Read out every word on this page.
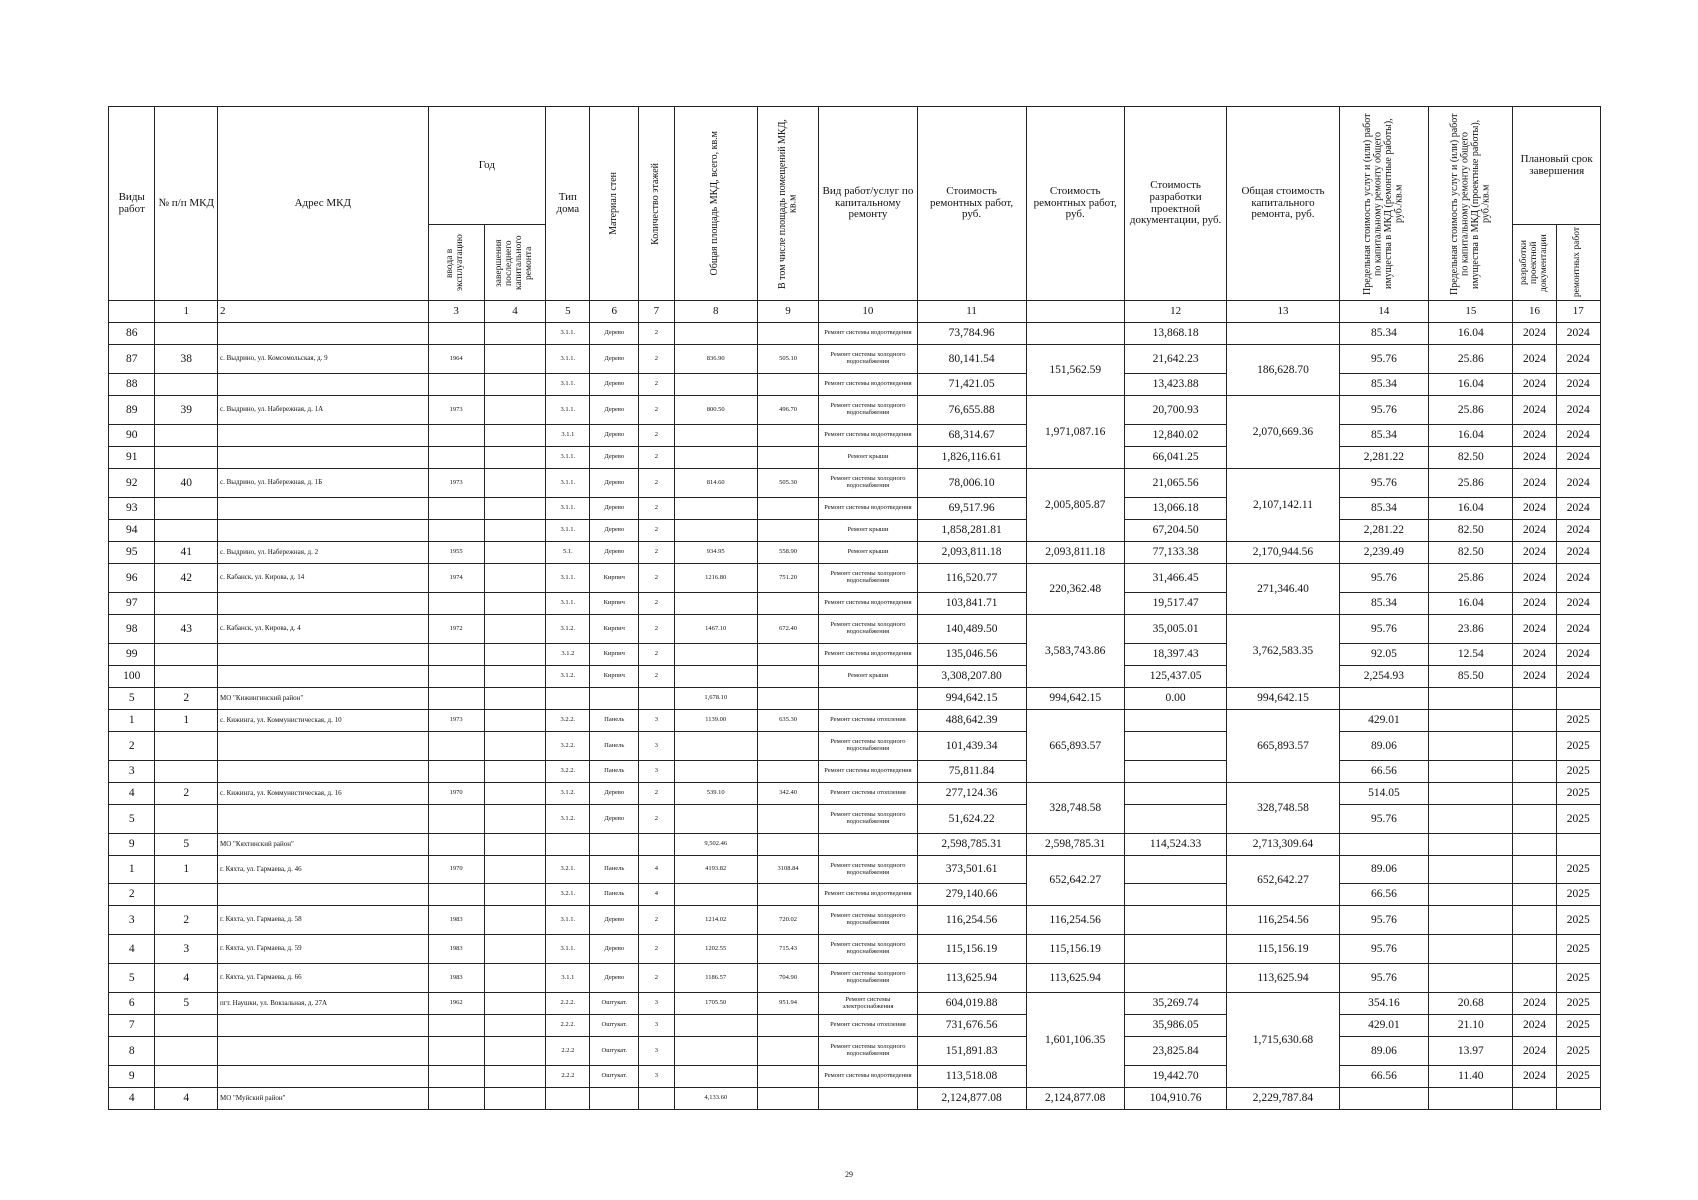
Виды работ	№ п/п МКД	Адрес МКД	Год		Тип дома	Материал стен	Количество этажей	Общая площадь МКД, всего, кв.м	В том числе площадь помещений МКД, кв.м	Вид работ/услуг по капитальному ремонту	Стоимость ремонтных работ, руб.	Стоимость ремонтных работ, руб.	Стоимость разработки проектной документации, руб.	Общая стоимость капитального ремонта, руб.	Предельная стоимость услуг и (или) работ по капитальному ремонту общего имущества в МКД (ремонтные работы), руб./кв.м	Предельная стоимость услуг и (или) работ по капитальному ремонту общего имущества в МКД (проектные работы), руб./кв.м	Плановый срок завершения	

			ввода в эксплуатацию	завершения последнего капитального ремонта													разработки проектной документации	ремонтных работ

	1	2	3	4	5	6	7	8	9	10	11		12	13	14	15	16	17
86					3.1.1.	Дерево	2			Ремонт системы водоотведения	73,784.96		13,868.18		85.34	16.04	2024	2024
87	38	с. Выдрино, ул. Комсомольская, д. 9	1964		3.1.1.	Дерево	2	836.90	505.10	Ремонт системы холодного водоснабжения	80,141.54	151,562.59	21,642.23	186,628.70	95.76	25.86	2024	2024
88					3.1.1.	Дерево	2			Ремонт системы водоотведения	71,421.05		13,423.88		85.34	16.04	2024	2024
89	39	с. Выдрино, ул. Набережная, д. 1А	1973		3.1.1.	Дерево	2	800.50	496.70	Ремонт системы холодного водоснабжения	76,655.88	1,971,087.16	20,700.93	2,070,669.36	95.76	25.86	2024	2024
90					3.1.1	Дерево	2			Ремонт системы водоотведения	68,314.67		12,840.02		85.34	16.04	2024	2024
91					3.1.1.	Дерево	2			Ремонт крыши	1,826,116.61		66,041.25		2,281.22	82.50	2024	2024
92	40	с. Выдрино, ул. Набережная, д. 1Б	1973		3.1.1.	Дерево	2	814.60	505.30	Ремонт системы холодного водоснабжения	78,006.10	2,005,805.87	21,065.56	2,107,142.11	95.76	25.86	2024	2024
93					3.1.1.	Дерево	2			Ремонт системы водоотведения	69,517.96		13,066.18		85.34	16.04	2024	2024
94					3.1.1.	Дерево	2			Ремонт крыши	1,858,281.81		67,204.50		2,281.22	82.50	2024	2024
95	41	с. Выдрино, ул. Набережная, д. 2	1955		5.1.	Дерево	2	934.95	558.90	Ремонт крыши	2,093,811.18	2,093,811.18	77,133.38	2,170,944.56	2,239.49	82.50	2024	2024
96	42	с. Кабанск, ул. Кирова, д. 14	1974		3.1.1.	Кирпич	2	1216.80	751.20	Ремонт системы холодного водоснабжения	116,520.77	220,362.48	31,466.45	271,346.40	95.76	25.86	2024	2024
97					3.1.1.	Кирпич	2			Ремонт системы водоотведения	103,841.71		19,517.47		85.34	16.04	2024	2024
98	43	с. Кабанск, ул. Кирова, д. 4	1972		3.1.2.	Кирпич	2	1467.10	672.40	Ремонт системы холодного водоснабжения	140,489.50	3,583,743.86	35,005.01	3,762,583.35	95.76	23.86	2024	2024
99					3.1.2	Кирпич	2			Ремонт системы водоотведения	135,046.56		18,397.43		92.05	12.54	2024	2024
100					3.1.2.	Кирпич	2			Ремонт крыши	3,308,207.80		125,437.05		2,254.93	85.50	2024	2024
5	2	МО "Кижингинский район"						1,678.10			994,642.15	994,642.15	0.00	994,642.15				
1	1	с. Кижинга, ул. Коммунистическая, д. 10	1973		3.2.2.	Панель	3	1139.00	635.30	Ремонт системы отопления	488,642.39	665,893.57		665,893.57	429.01			2025
2					3.2.2.	Панель	3			Ремонт системы холодного водоснабжения	101,439.34				89.06			2025
3					3.2.2.	Панель	3			Ремонт системы водоотведения	75,811.84				66.56			2025
4	2	с. Кижинга, ул. Коммунистическая, д. 16	1970		3.1.2.	Дерево	2	539.10	342.40	Ремонт системы отопления	277,124.36	328,748.58		328,748.58	514.05			2025
5					3.1.2.	Дерево	2			Ремонт системы холодного водоснабжения	51,624.22				95.76			2025
9	5	МО "Кяхтинский район"						9,502.46			2,598,785.31	2,598,785.31	114,524.33	2,713,309.64				
1	1	г. Кяхта, ул. Гармаева, д. 46	1970		3.2.1.	Панель	4	4193.82	3108.84	Ремонт системы холодного водоснабжения	373,501.61	652,642.27		652,642.27	89.06			2025
2					3.2.1.	Панель	4			Ремонт системы водоотведения	279,140.66				66.56			2025
3	2	г. Кяхта, ул. Гармаева, д. 58	1983		3.1.1.	Дерево	2	1214.02	720.02	Ремонт системы холодного водоснабжения	116,254.56	116,254.56		116,254.56	95.76			2025
4	3	г. Кяхта, ул. Гармаева, д. 59	1983		3.1.1.	Дерево	2	1202.55	715.43	Ремонт системы холодного водоснабжения	115,156.19	115,156.19		115,156.19	95.76			2025
5	4	г. Кяхта, ул. Гармаева, д. 66	1983		3.1.1	Дерево	2	1186.57	704.90	Ремонт системы холодного водоснабжения	113,625.94	113,625.94		113,625.94	95.76			2025
6	5	пгт. Наушки, ул. Вокзальная, д. 27А	1962		2.2.2.	Оштукат.	3	1705.50	951.94	Ремонт системы электроснабжения	604,019.88	1,601,106.35	35,269.74	1,715,630.68	354.16	20.68	2024	2025
7					2.2.2.	Оштукат.	3			Ремонт системы отопления	731,676.56		35,986.05		429.01	21.10	2024	2025
8					2.2.2	Оштукат.	3			Ремонт системы холодного водоснабжения	151,891.83		23,825.84		89.06	13.97	2024	2025
9					2.2.2	Оштукат.	3			Ремонт системы водоотведения	113,518.08		19,442.70		66.56	11.40	2024	2025
4	4	МО "Муйский район"						4,133.60			2,124,877.08	2,124,877.08	104,910.76	2,229,787.84				
29
